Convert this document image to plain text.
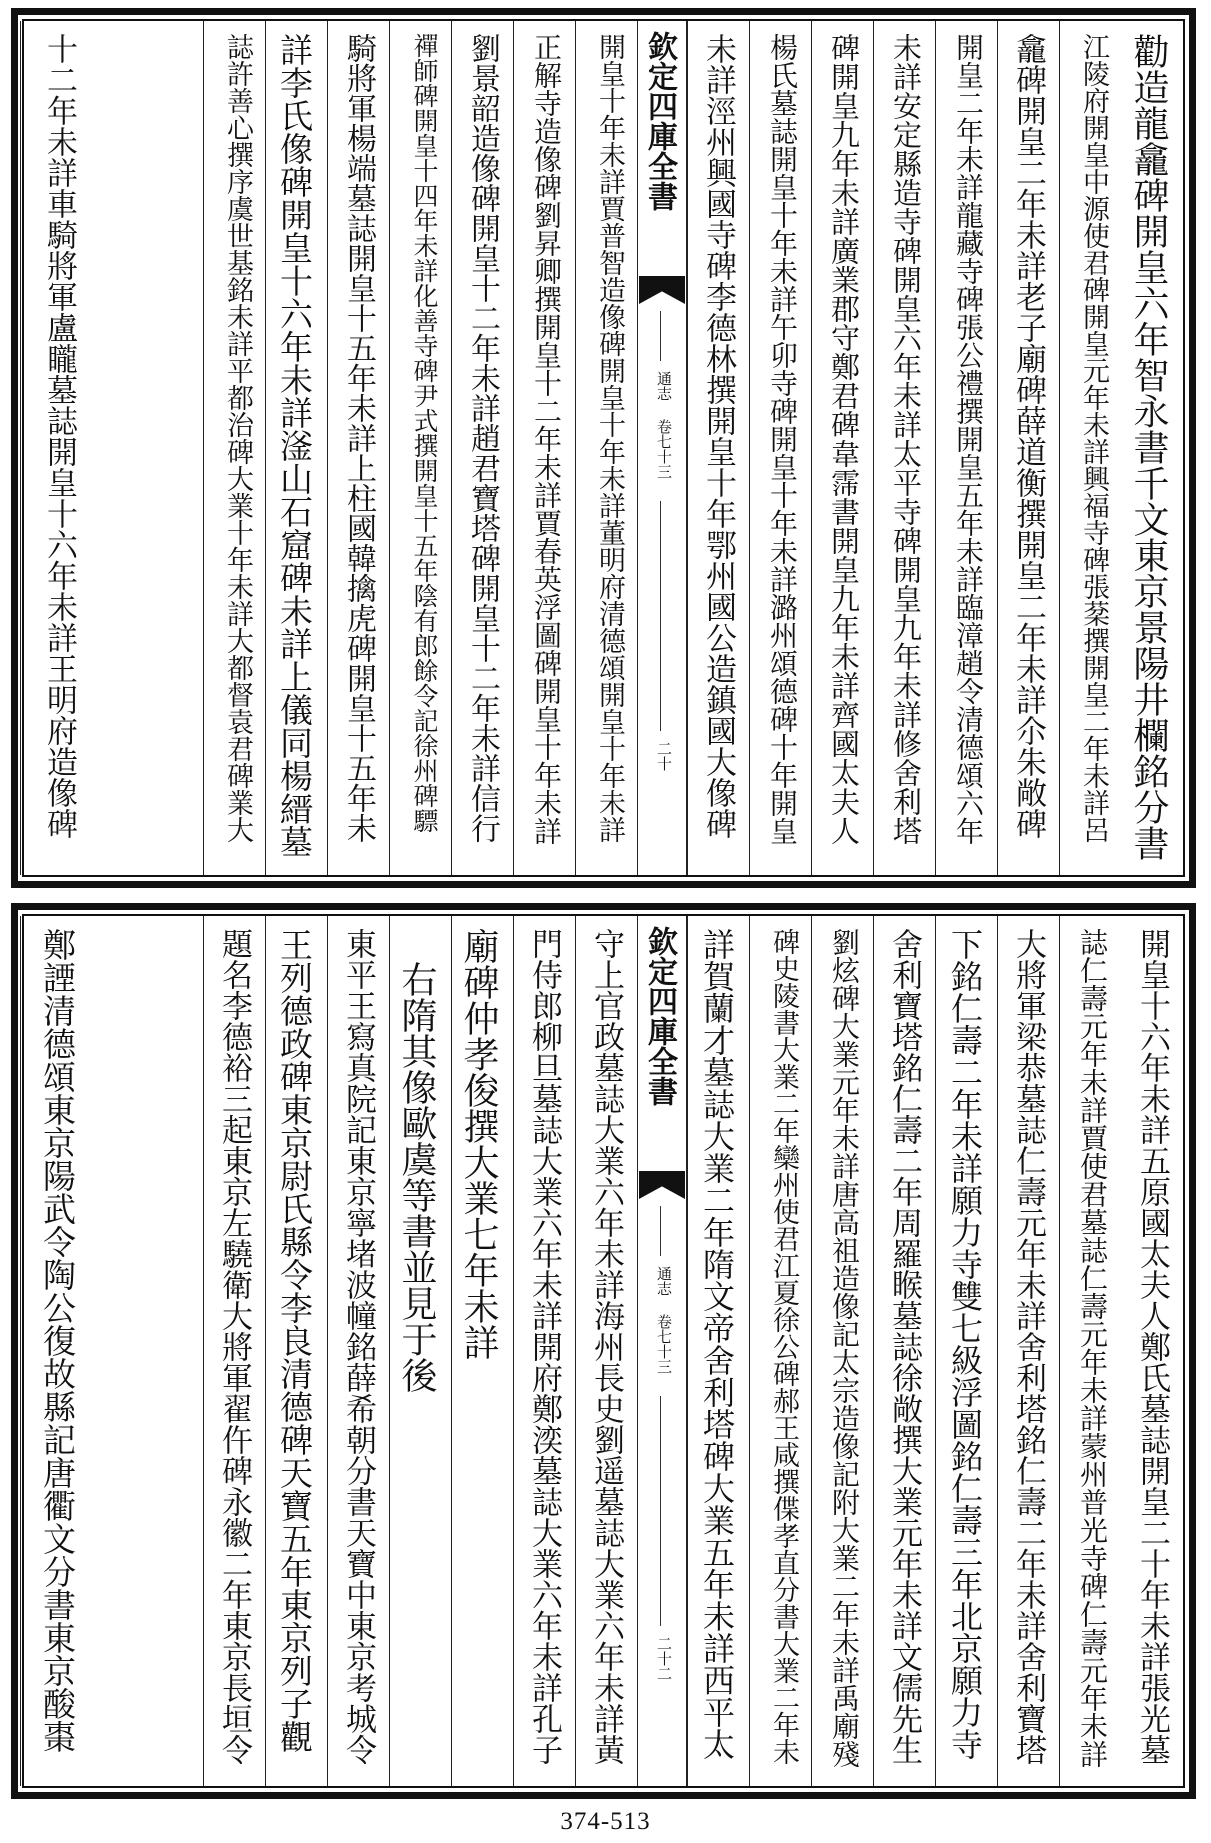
勸造龍龕碑開皇六年智永書千文東京景陽井欄銘分書
江陵府開皇中源使君碑開皇元年未詳興福寺碑張棻撰開皇二年未詳呂
龕碑開皇二年未詳老子廟碑薛道衡撰開皇二年未詳尒朱敞碑
開皇二年未詳龍藏寺碑張公禮撰開皇五年未詳臨漳趙令清德頌六年
未詳安定縣造寺碑開皇六年未詳太平寺碑開皇九年未詳修舍利塔
碑開皇九年未詳廣業郡守鄭君碑韋霈書開皇九年未詳齊國太夫人
楊氏墓誌開皇十年未詳午卯寺碑開皇十年未詳潞州頌德碑十年開皇
未詳涇州興國寺碑李德林撰開皇十年鄂州國公造鎮國大像碑
欽定四庫全書
通志 卷七十三
二十
開皇十年未詳賈普智造像碑開皇十年未詳董明府清德頌開皇十年未詳
正解寺造像碑劉昇卿撰開皇十二年未詳賈春英浮圖碑開皇十年未詳
劉景韶造像碑開皇十二年未詳趙君寶塔碑開皇十二年未詳信行
禪師碑開皇十四年未詳化善寺碑尹式撰開皇十五年陰有郎餘令記徐州碑驃
騎將軍楊端墓誌開皇十五年未詳上柱國韓擒虎碑開皇十五年未
詳李氏像碑開皇十六年未詳滏山石窟碑未詳上儀同楊縉墓
誌許善心撰序虞世基銘未詳平都治碑大業十年未詳大都督袁君碑業大
十二年未詳車騎將軍盧矓墓誌開皇十六年未詳王明府造像碑
開皇十六年未詳五原國太夫人鄭氏墓誌開皇二十年未詳張光墓
誌仁壽元年未詳賈使君墓誌仁壽元年未詳蒙州普光寺碑仁壽元年未詳
大將軍梁恭墓誌仁壽元年未詳舍利塔銘仁壽二年未詳舍利寶塔
下銘仁壽二年未詳願力寺雙七級浮圖銘仁壽三年北京願力寺
舍利寶塔銘仁壽二年周羅睺墓誌徐敞撰大業元年未詳文儒先生
劉炫碑大業元年未詳唐高祖造像記太宗造像記附大業二年未詳禹廟殘
碑史陵書大業二年欒州使君江夏徐公碑郝王咸撰偞孝直分書大業二年未
詳賀蘭才墓誌大業二年隋文帝舍利塔碑大業五年未詳西平太
欽定四庫全書
通志 卷七十三
二十二
守上官政墓誌大業六年未詳海州長史劉遥墓誌大業六年未詳黃
門侍郎柳旦墓誌大業六年未詳開府鄭湙墓誌大業六年未詳孔子
廟碑仲孝俊撰大業七年未詳
右隋其像歐虞等書並見于後
東平王寫真院記東京寧堵波幢銘薛希朝分書天寶中東京考城令
王列德政碑東京尉氏縣令李良清德碑天寶五年東京列子觀
題名李德裕三起東京左驍衛大將軍翟仵碑永徽二年東京長垣令
鄭諲清德頌東京陽武令陶公復故縣記唐衢文分書東京酸棗
374-513
